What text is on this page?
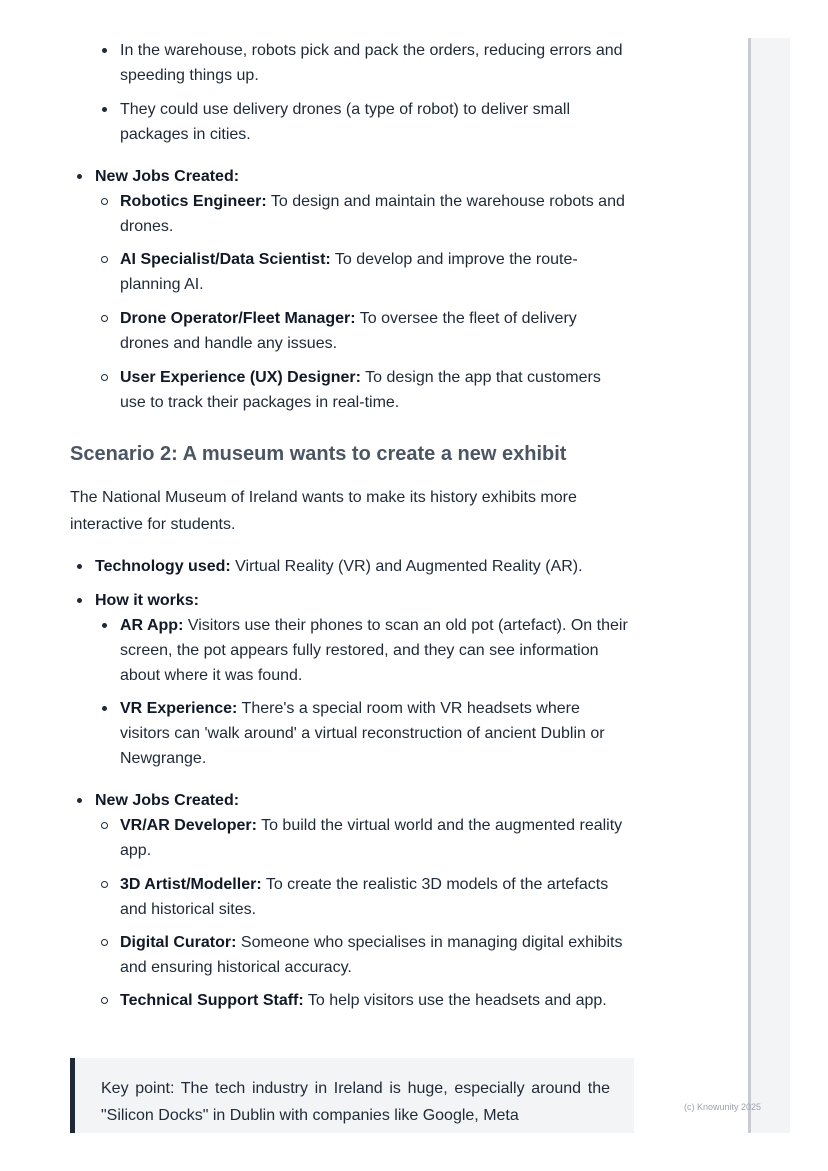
In the warehouse, robots pick and pack the orders, reducing errors and speeding things up.
They could use delivery drones (a type of robot) to deliver small packages in cities.
New Jobs Created:
Robotics Engineer: To design and maintain the warehouse robots and drones.
AI Specialist/Data Scientist: To develop and improve the route-planning AI.
Drone Operator/Fleet Manager: To oversee the fleet of delivery drones and handle any issues.
User Experience (UX) Designer: To design the app that customers use to track their packages in real-time.
Scenario 2: A museum wants to create a new exhibit
The National Museum of Ireland wants to make its history exhibits more interactive for students.
Technology used: Virtual Reality (VR) and Augmented Reality (AR).
How it works:
AR App: Visitors use their phones to scan an old pot (artefact). On their screen, the pot appears fully restored, and they can see information about where it was found.
VR Experience: There's a special room with VR headsets where visitors can 'walk around' a virtual reconstruction of ancient Dublin or Newgrange.
New Jobs Created:
VR/AR Developer: To build the virtual world and the augmented reality app.
3D Artist/Modeller: To create the realistic 3D models of the artefacts and historical sites.
Digital Curator: Someone who specialises in managing digital exhibits and ensuring historical accuracy.
Technical Support Staff: To help visitors use the headsets and app.

Key point: The tech industry in Ireland is huge, especially around the "Silicon Docks" in Dublin with companies like Google, Meta	(c) Knowunity 2025
